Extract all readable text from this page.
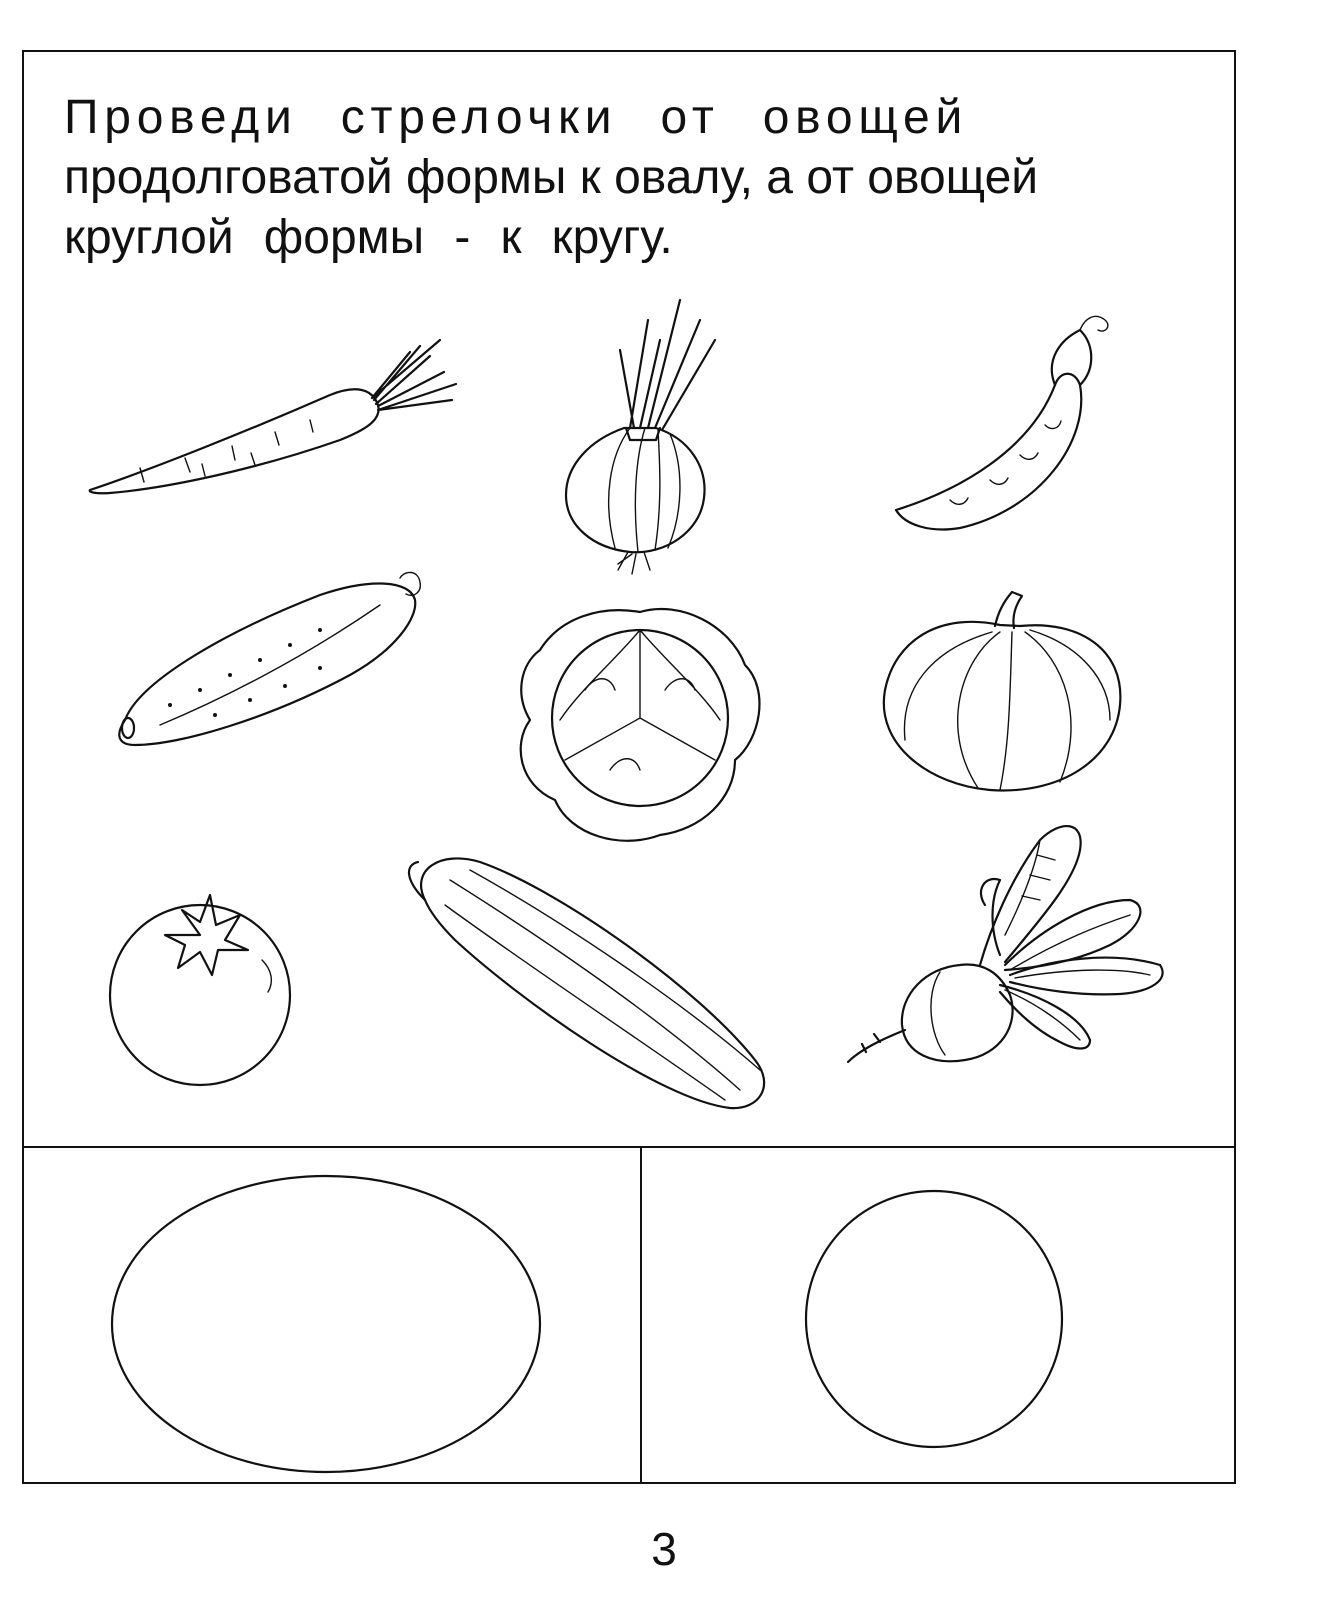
Проведи стрелочки от овощей
продолговатой формы к овалу, а от овощей
круглой формы - к кругу.
3
